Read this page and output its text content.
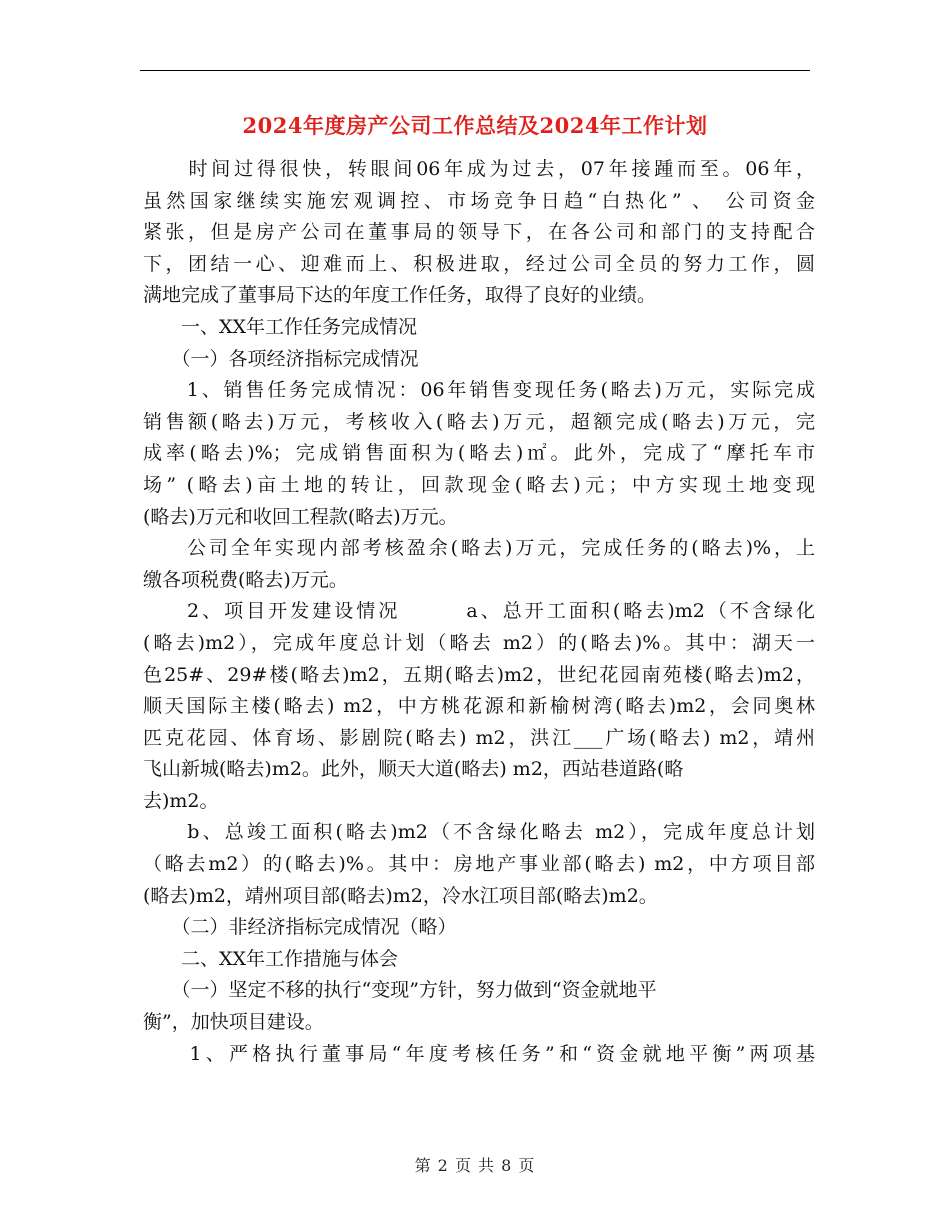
2024年度房产公司工作总结及2024年工作计划
　　时间过得很快，转眼间06年成为过去，07年接踵而至。06年，
虽然国家继续实施宏观调控、市场竞争日趋“白热化” 、 公司资金
紧张，但是房产公司在董事局的领导下，在各公司和部门的支持配合
下，团结一心、迎难而上、积极进取，经过公司全员的努力工作，圆
满地完成了董事局下达的年度工作任务，取得了良好的业绩。
　　一、XX年工作任务完成情况
　　（一）各项经济指标完成情况
　　1、销售任务完成情况：06年销售变现任务(略去)万元，实际完成
销售额(略去)万元，考核收入(略去)万元，超额完成(略去)万元，完
成率(略去)%；完成销售面积为(略去)㎡。此外，完成了“摩托车市
场” (略去)亩土地的转让，回款现金(略去)元；中方实现土地变现
(略去)万元和收回工程款(略去)万元。
　　公司全年实现内部考核盈余(略去)万元，完成任务的(略去)%，上
缴各项税费(略去)万元。
　　2、项目开发建设情况　　　a、总开工面积(略去)m2（不含绿化
(略去)m2），完成年度总计划（略去 m2）的(略去)%。其中：湖天一
色25#、29#楼(略去)m2，五期(略去)m2，世纪花园南苑楼(略去)m2，
顺天国际主楼(略去) m2，中方桃花源和新榆树湾(略去)m2，会同奥林
匹克花园、体育场、影剧院(略去) m2，洪江___广场(略去) m2，靖州
飞山新城(略去)m2。此外，顺天大道(略去) m2，西站巷道路(略
去)m2。
　　b、总竣工面积(略去)m2（不含绿化略去 m2），完成年度总计划
（略去m2）的(略去)%。其中：房地产事业部(略去) m2，中方项目部
(略去)m2，靖州项目部(略去)m2，冷水江项目部(略去)m2。
　　（二）非经济指标完成情况（略）
　　二、XX年工作措施与体会
　　（一）坚定不移的执行“变现”方针，努力做到“资金就地平
衡”，加快项目建设。
　　1、严格执行董事局“年度考核任务”和“资金就地平衡”两项基
第 2 页 共 8 页
